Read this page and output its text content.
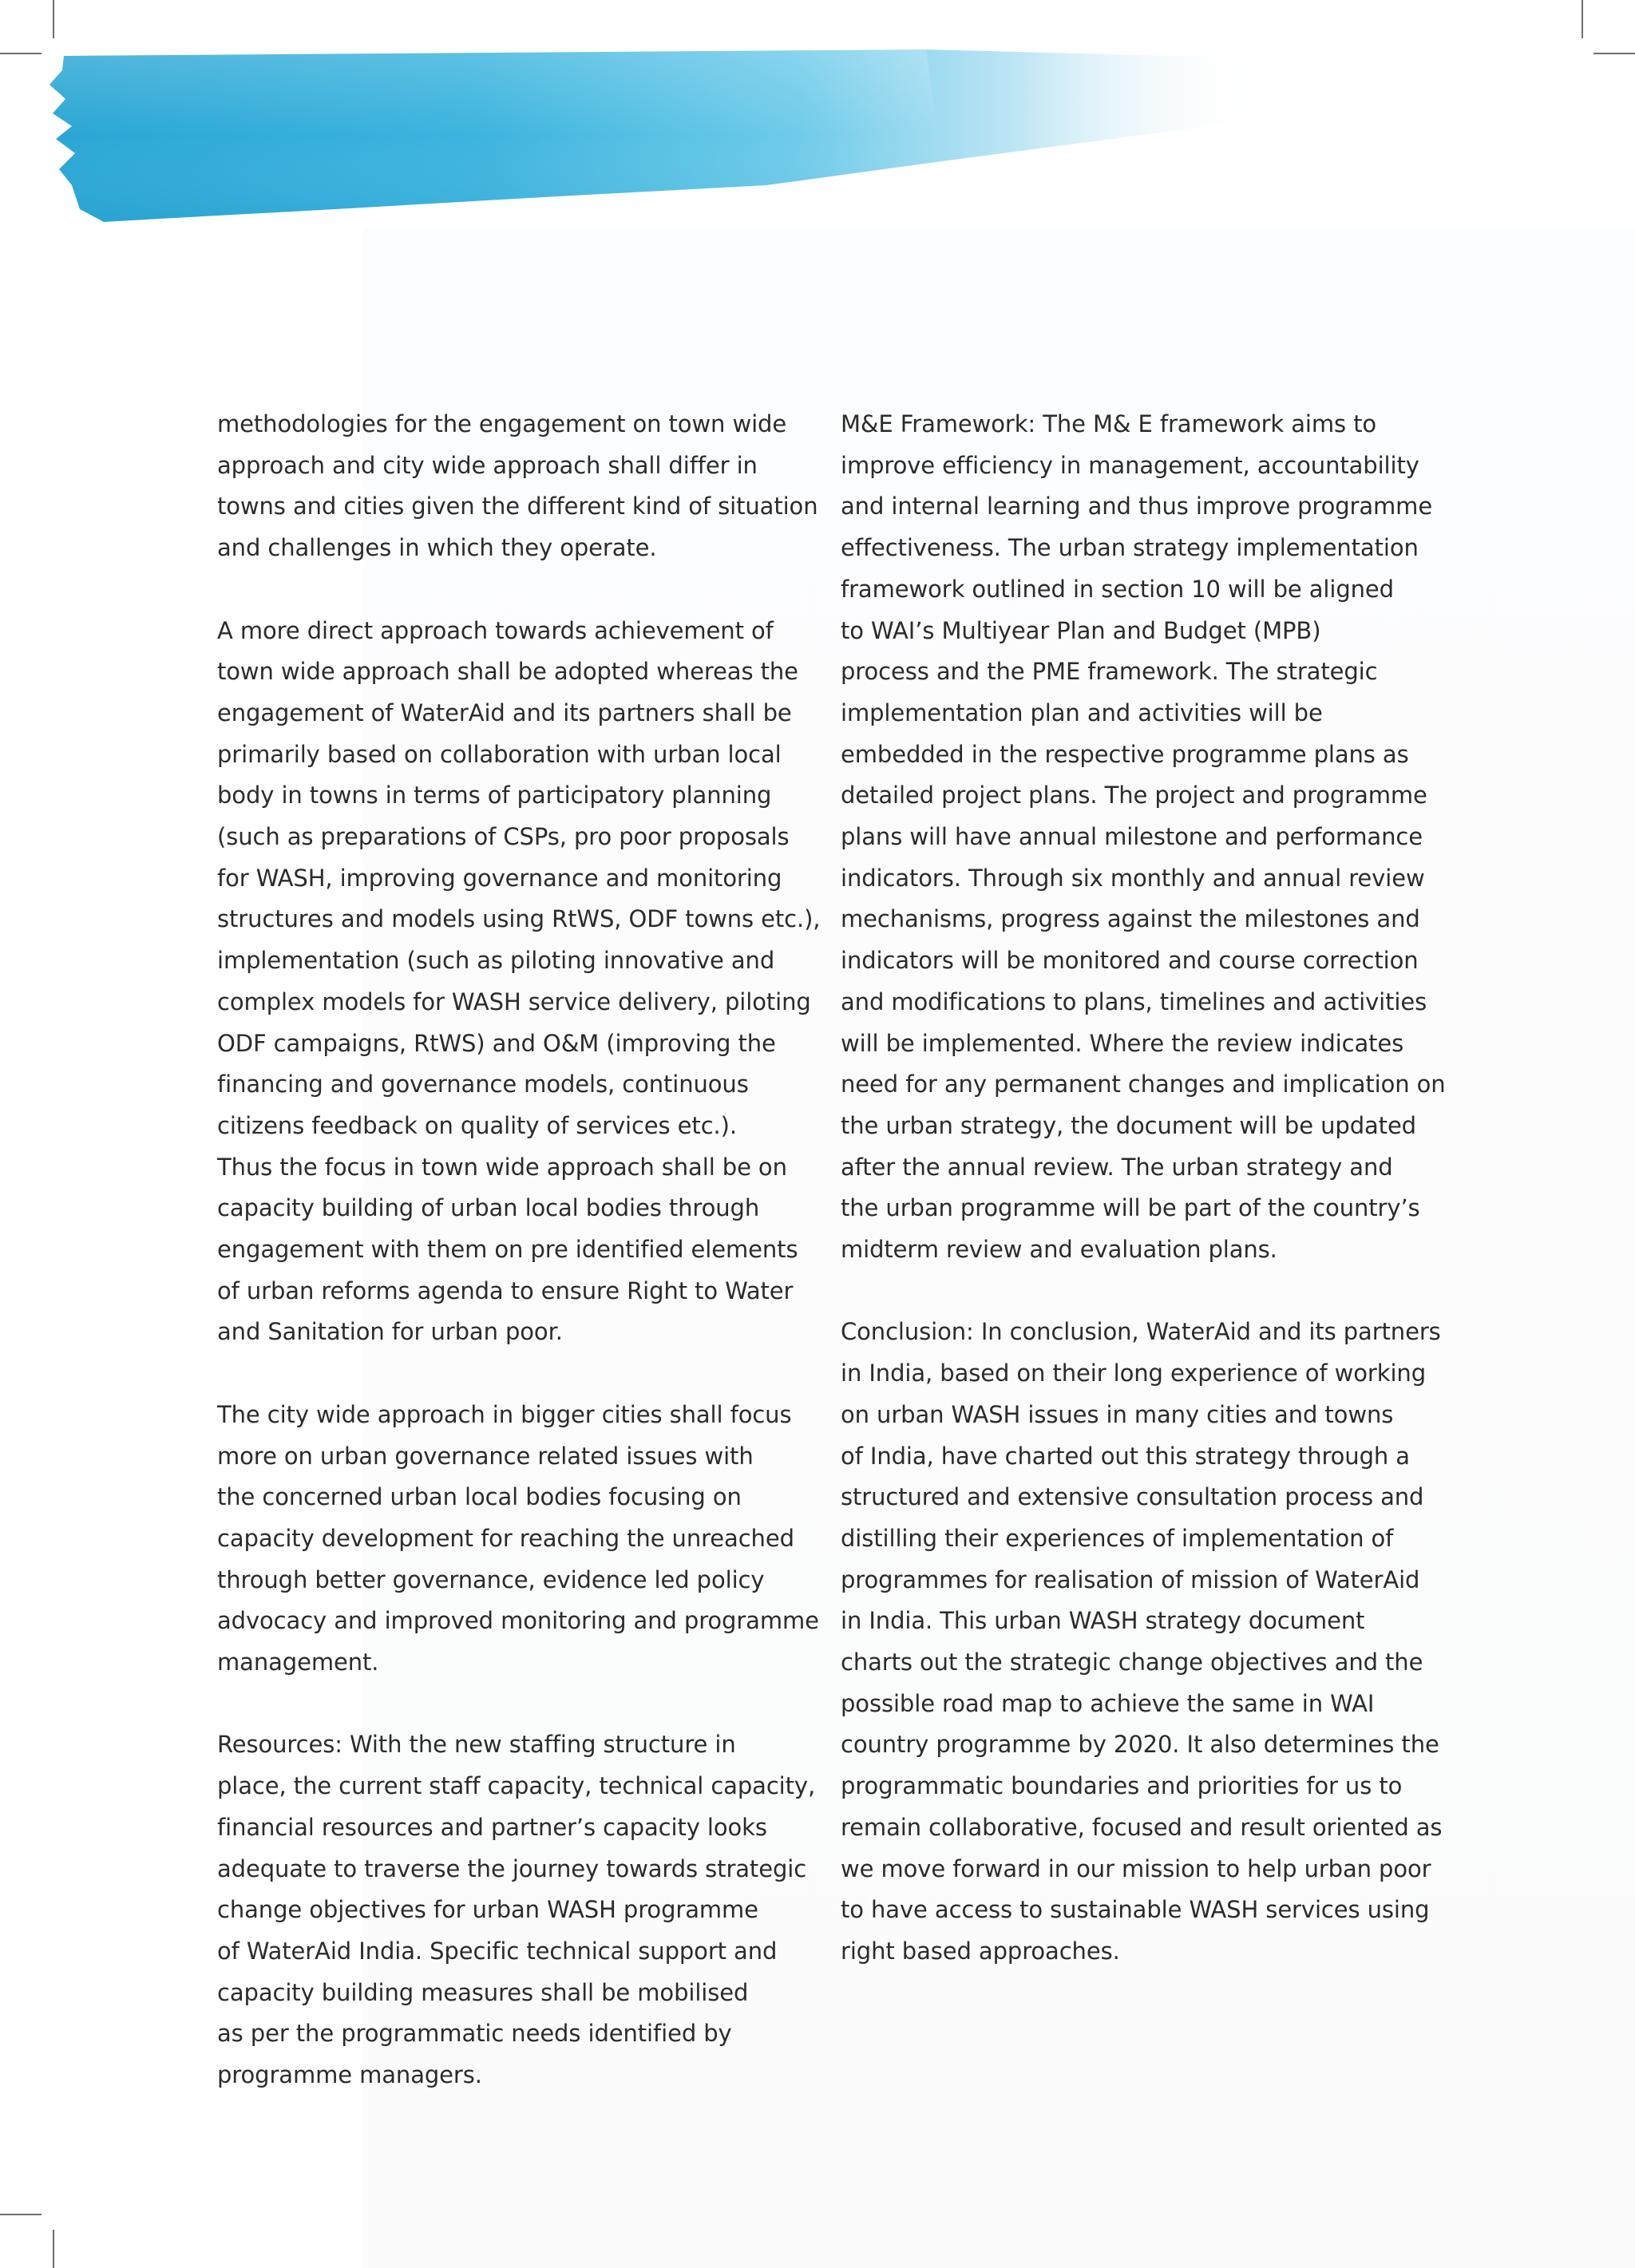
methodologies for the engagement on town wide
approach and city wide approach shall differ in
towns and cities given the different kind of situation
and challenges in which they operate.

A more direct approach towards achievement of
town wide approach shall be adopted whereas the
engagement of WaterAid and its partners shall be
primarily based on collaboration with urban local
body in towns in terms of participatory planning
(such as preparations of CSPs, pro poor proposals
for WASH, improving governance and monitoring
structures and models using RtWS, ODF towns etc.),
implementation (such as piloting innovative and
complex models for WASH service delivery, piloting
ODF campaigns, RtWS) and O&M (improving the
financing and governance models, continuous
citizens feedback on quality of services etc.).

Thus the focus in town wide approach shall be on
capacity building of urban local bodies through
engagement with them on pre identified elements
of urban reforms agenda to ensure Right to Water
and Sanitation for urban poor.

The city wide approach in bigger cities shall focus
more on urban governance related issues with
the concerned urban local bodies focusing on
capacity development for reaching the unreached
through better governance, evidence led policy
advocacy and improved monitoring and programme
management.

Resources: With the new staffing structure in
place, the current staff capacity, technical capacity,
financial resources and partner’s capacity looks
adequate to traverse the journey towards strategic
change objectives for urban WASH programme
of WaterAid India. Specific technical support and
capacity building measures shall be mobilised
as per the programmatic needs identified by
programme managers.

M&E Framework: The M& E framework aims to
improve efficiency in management, accountability
and internal learning and thus improve programme
effectiveness. The urban strategy implementation
framework outlined in section 10 will be aligned
to WAI’s Multiyear Plan and Budget (MPB)
process and the PME framework. The strategic
implementation plan and activities will be
embedded in the respective programme plans as
detailed project plans. The project and programme
plans will have annual milestone and performance
indicators. Through six monthly and annual review
mechanisms, progress against the milestones and
indicators will be monitored and course correction
and modifications to plans, timelines and activities
will be implemented. Where the review indicates
need for any permanent changes and implication on
the urban strategy, the document will be updated
after the annual review. The urban strategy and
the urban programme will be part of the country’s
midterm review and evaluation plans.

Conclusion: In conclusion, WaterAid and its partners
in India, based on their long experience of working
on urban WASH issues in many cities and towns
of India, have charted out this strategy through a
structured and extensive consultation process and
distilling their experiences of implementation of
programmes for realisation of mission of WaterAid
in India. This urban WASH strategy document
charts out the strategic change objectives and the
possible road map to achieve the same in WAI
country programme by 2020. It also determines the
programmatic boundaries and priorities for us to
remain collaborative, focused and result oriented as
we move forward in our mission to help urban poor
to have access to sustainable WASH services using
right based approaches.
